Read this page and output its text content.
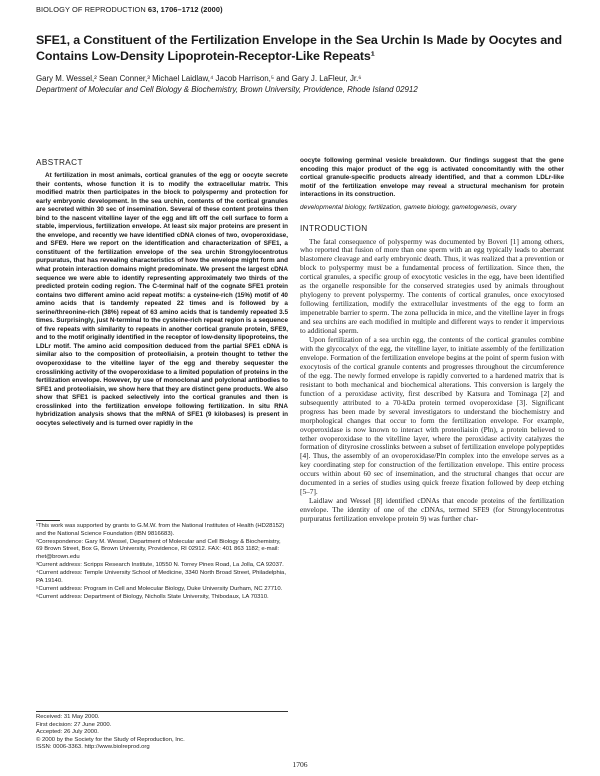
BIOLOGY OF REPRODUCTION 63, 1706–1712 (2000)
SFE1, a Constituent of the Fertilization Envelope in the Sea Urchin Is Made by Oocytes and Contains Low-Density Lipoprotein-Receptor-Like Repeats¹
Gary M. Wessel,² Sean Conner,³ Michael Laidlaw,⁴ Jacob Harrison,⁵ and Gary J. LaFleur, Jr.⁶
Department of Molecular and Cell Biology & Biochemistry, Brown University, Providence, Rhode Island 02912
ABSTRACT

At fertilization in most animals, cortical granules of the egg or oocyte secrete their contents, whose function it is to modify the extracellular matrix. This modified matrix then participates in the block to polyspermy and protection for early embryonic development. In the sea urchin, contents of the cortical granules are secreted within 30 sec of insemination. Several of these content proteins then bind to the nascent vitelline layer of the egg and lift off the cell surface to form a stable, impervious, fertilization envelope. At least six major proteins are present in the envelope, and recently we have identified cDNA clones of two, ovoperoxidase, and SFE9. Here we report on the identification and characterization of SFE1, a constituent of the fertilization envelope of the sea urchin Strongylocentrotus purpuratus, that has revealing characteristics of how the envelope might form and what protein interaction domains might predominate. We present the largest cDNA sequence we were able to identify representing approximately two thirds of the predicted protein coding region. The C-terminal half of the cognate SFE1 protein contains two different amino acid repeat motifs: a cysteine-rich (15%) motif of 40 amino acids that is tandemly repeated 22 times and is followed by a serine/threonine-rich (38%) repeat of 63 amino acids that is tandemly repeated 3.5 times. Surprisingly, just N-terminal to the cysteine-rich repeat region is a sequence of five repeats with similarity to repeats in another cortical granule protein, SFE9, and to the motif originally identified in the receptor of low-density lipoproteins, the LDLr motif. The amino acid composition deduced from the partial SFE1 cDNA is similar also to the composition of proteoliaisin, a protein thought to tether the ovoperoxidase to the vitelline layer of the egg and thereby sequester the crosslinking activity of the ovoperoxidase to a limited population of proteins in the fertilization envelope. However, by use of monoclonal and polyclonal antibodies to SFE1 and proteoliaisin, we show here that they are distinct gene products. We also show that SFE1 is packed selectively into the cortical granules and then is crosslinked into the fertilization envelope following fertilization. In situ RNA hybridization analysis shows that the mRNA of SFE1 (9 kilobases) is present in oocytes selectively and is turned over rapidly in the

¹This work was supported by grants to G.M.W. from the National Institutes of Health (HD28152) and the National Science Foundation (IBN 9816683).

²Correspondence: Gary M. Wessel, Department of Molecular and Cell Biology & Biochemistry, 69 Brown Street, Box G, Brown University, Providence, RI 02912. FAX: 401 863 1182; e-mail: rhet@brown.edu

³Current address: Scripps Research Institute, 10550 N. Torrey Pines Road, La Jolla, CA 92037.

⁴Current address: Temple University School of Medicine, 3340 North Broad Street, Philadelphia, PA 19140.

⁵Current address: Program in Cell and Molecular Biology, Duke University Durham, NC 27710.

⁶Current address: Department of Biology, Nicholls State University, Thibodaux, LA 70310.

Received: 31 May 2000.
First decision: 27 June 2000.
Accepted: 26 July 2000.
© 2000 by the Society for the Study of Reproduction, Inc.
ISSN: 0006-3363. http://www.biolreprod.org

oocyte following germinal vesicle breakdown. Our findings suggest that the gene encoding this major product of the egg is activated concomitantly with the other cortical granule-specific products already identified, and that a common LDLr-like motif of the fertilization envelope may reveal a structural mechanism for protein interactions in its construction.

developmental biology, fertilization, gamete biology, gametogenesis, ovary

INTRODUCTION

The fatal consequence of polyspermy was documented by Boveri [1] among others, who reported that fusion of more than one sperm with an egg typically leads to aberrant blastomere cleavage and early embryonic death. Thus, it was realized that a prevention or block to polyspermy must be a fundamental process of fertilization. Since then, the cortical granules, a specific group of exocytotic vesicles in the egg, have been identified as the organelle responsible for the conserved strategies used by animals throughout phylogeny to prevent polyspermy. The contents of cortical granules, once exocytosed following fertilization, modify the extracellular investments of the egg to form an impenetrable barrier to sperm. The zona pellucida in mice, and the vitelline layer in frogs and sea urchins are each modified in multiple and different ways to render it impervious to additional sperm.

Upon fertilization of a sea urchin egg, the contents of the cortical granules combine with the glycocalyx of the egg, the vitelline layer, to initiate assembly of the fertilization envelope. Formation of the fertilization envelope begins at the point of sperm fusion with exocytosis of the cortical granule contents and progresses throughout the circumference of the egg. The newly formed envelope is rapidly converted to a hardened matrix that is resistant to both mechanical and biochemical alterations. This conversion is largely the function of a peroxidase activity, first described by Katsura and Tominaga [2] and subsequently attributed to a 70-kDa protein termed ovoperoxidase [3]. Significant progress has been made by several investigators to understand the biochemistry and morphological changes that occur to form the fertilization envelope. For example, ovoperoxidase is now known to interact with proteoliaisin (Pln), a protein believed to tether ovoperoxidase to the vitelline layer, where the peroxidase activity catalyzes the formation of dityrosine crosslinks between a subset of fertilization envelope polypeptides [4]. Thus, the assembly of an ovoperoxidase/Pln complex into the envelope serves as a key coordinating step for construction of the fertilization envelope. This entire process occurs within about 60 sec of insemination, and the structural changes that occur are documented in a series of studies using quick freeze fixation followed by deep etching [5–7].

Laidlaw and Wessel [8] identified cDNAs that encode proteins of the fertilization envelope. The identity of one of the cDNAs, termed SFE9 (for Strongylocentrotus purpuratus fertilization envelope protein 9) was further char-

1706
